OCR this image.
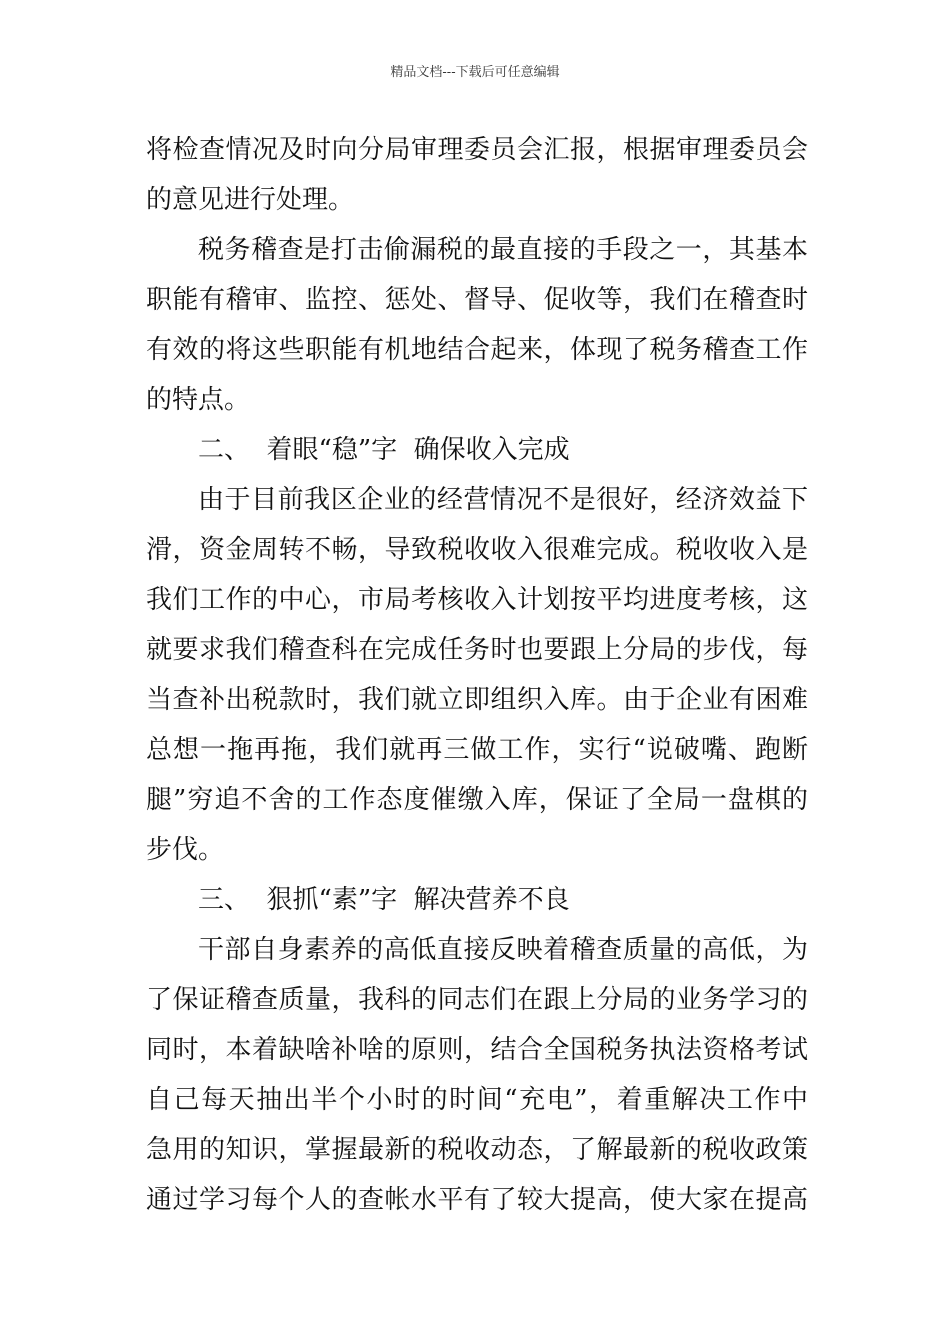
精品文档---下载后可任意编辑
将检查情况及时向分局审理委员会汇报，根据审理委员会
的意见进行处理。
税务稽查是打击偷漏税的最直接的手段之一，其基本
职能有稽审、监控、惩处、督导、促收等，我们在稽查时
有效的将这些职能有机地结合起来，体现了税务稽查工作
的特点。
二、  着眼“稳”字  确保收入完成
由于目前我区企业的经营情况不是很好，经济效益下
滑，资金周转不畅，导致税收收入很难完成。税收收入是
我们工作的中心，市局考核收入计划按平均进度考核，这
就要求我们稽查科在完成任务时也要跟上分局的步伐，每
当查补出税款时，我们就立即组织入库。由于企业有困难
总想一拖再拖，我们就再三做工作，实行“说破嘴、跑断
腿”穷追不舍的工作态度催缴入库，保证了全局一盘棋的
步伐。
三、  狠抓“素”字  解决营养不良
干部自身素养的高低直接反映着稽查质量的高低，为
了保证稽查质量，我科的同志们在跟上分局的业务学习的
同时，本着缺啥补啥的原则，结合全国税务执法资格考试
自己每天抽出半个小时的时间“充电”，着重解决工作中
急用的知识，掌握最新的税收动态，了解最新的税收政策
通过学习每个人的查帐水平有了较大提高，使大家在提高
